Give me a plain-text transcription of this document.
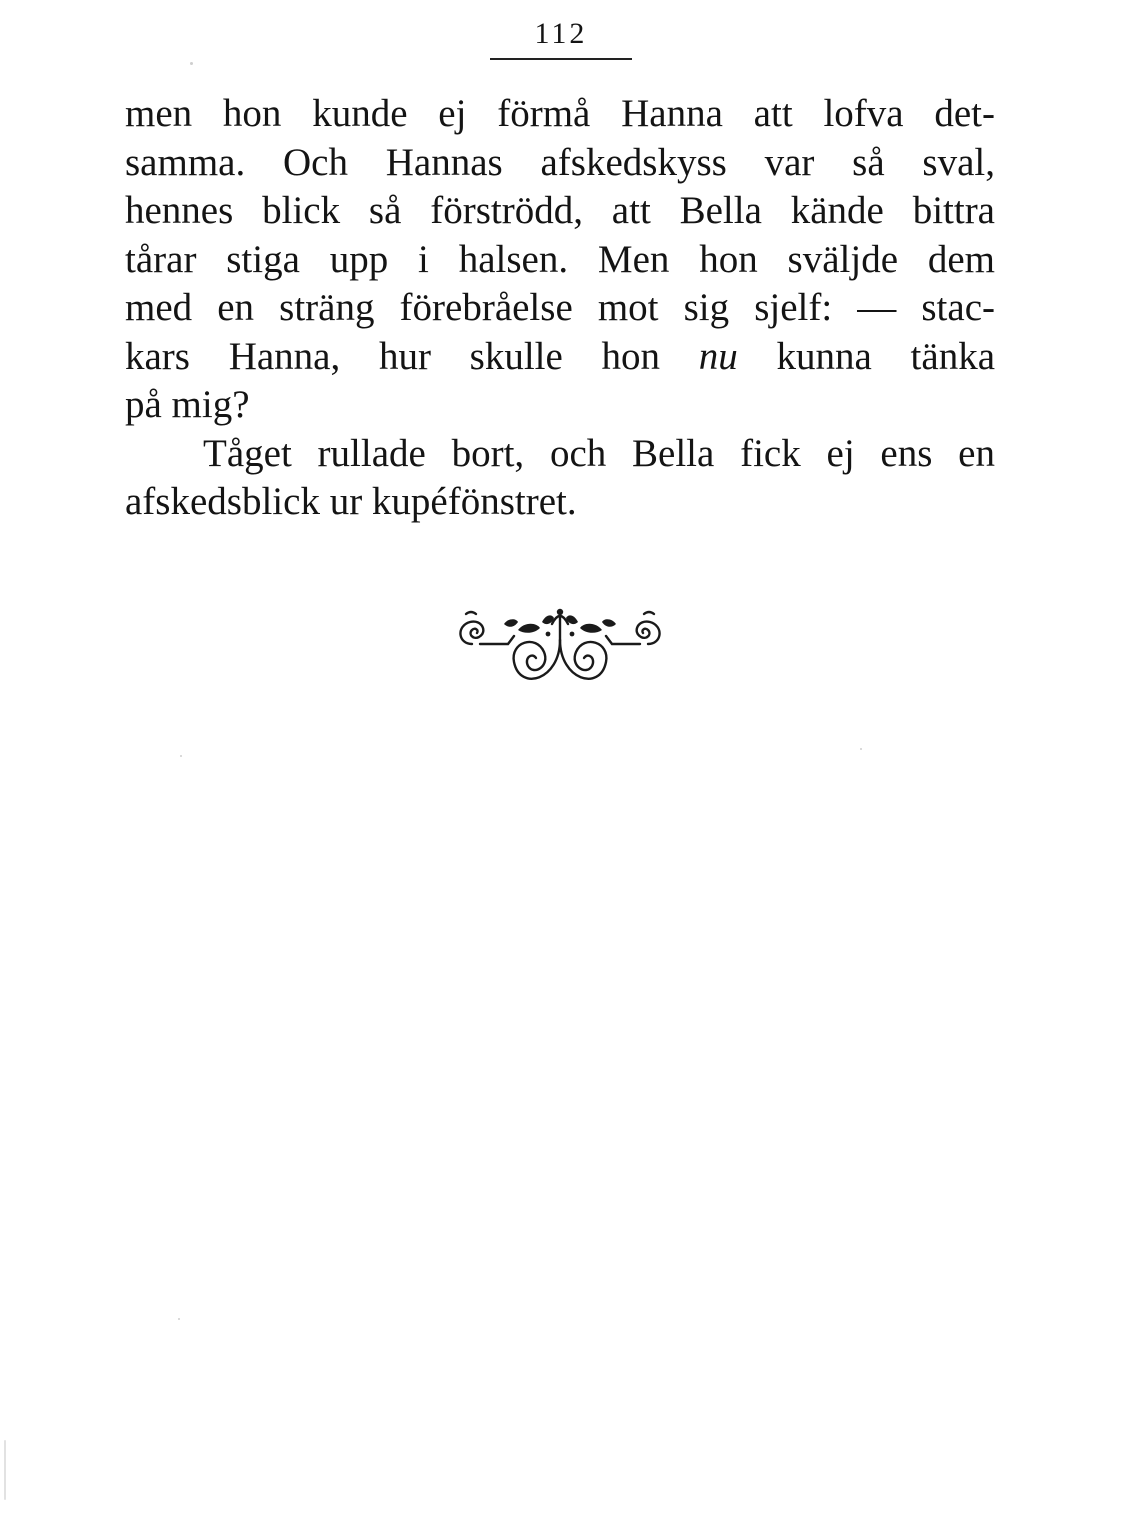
112
men hon kunde ej förmå Hanna att lofva det-
samma. Och Hannas afskedskyss var så sval,
hennes blick så förströdd, att Bella kände bittra
tårar stiga upp i halsen. Men hon svälјde dem
med en sträng förebråelse mot sig sjelf: — stac-
kars Hanna, hur skulle hon nu kunna tänka
på mig?
Tåget rullade bort, och Bella fick ej ens en
afskedsblick ur kupéfönstret.
